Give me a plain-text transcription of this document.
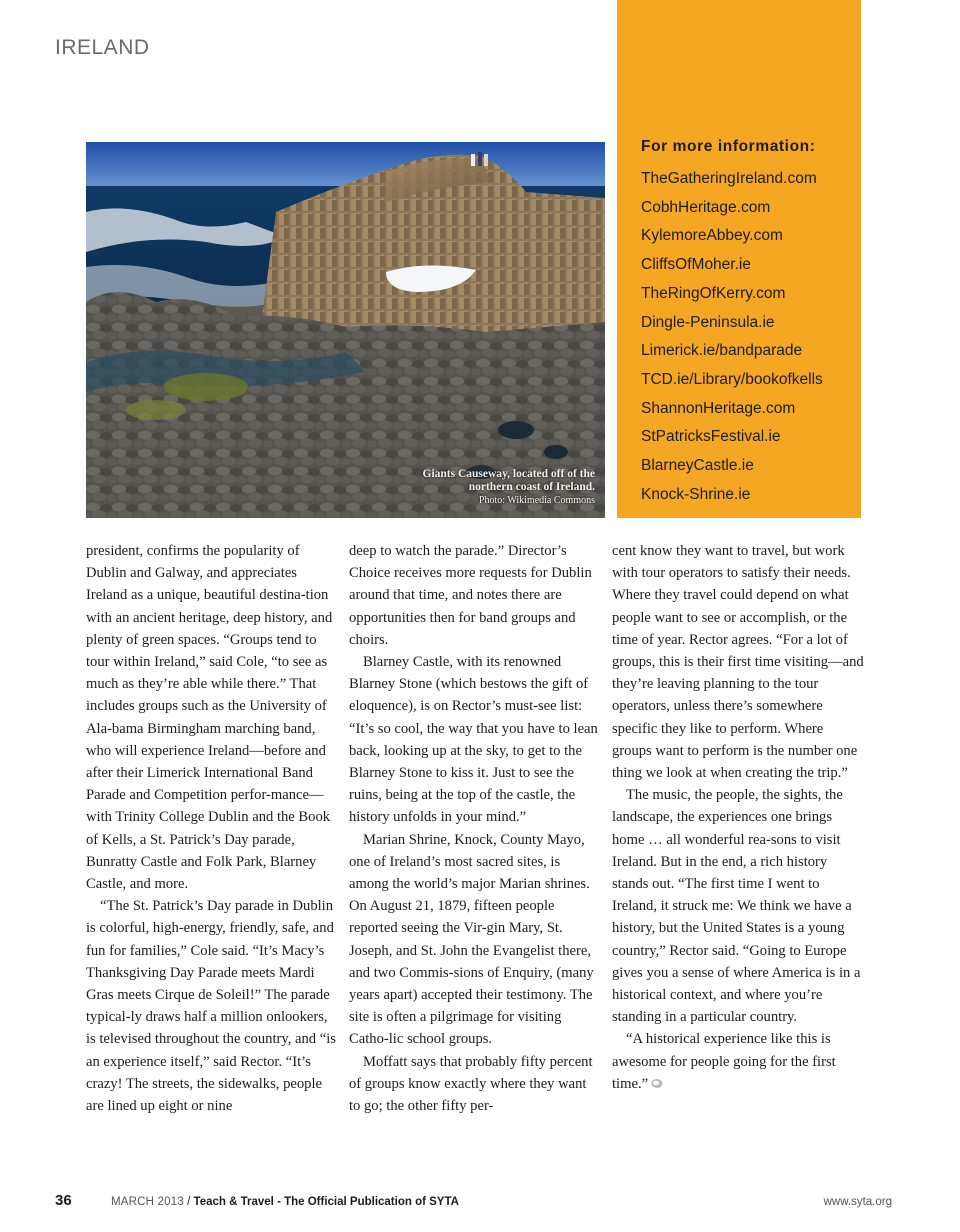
IRELAND
Giants Causeway, located off of the
northern coast of Ireland.
Photo: Wikimedia Commons
For more information:
TheGatheringIreland.com
CobhHeritage.com
KylemoreAbbey.com
CliffsOfMoher.ie
TheRingOfKerry.com
Dingle-Peninsula.ie
Limerick.ie/bandparade
TCD.ie/Library/bookofkells
ShannonHeritage.com
StPatricksFestival.ie
BlarneyCastle.ie
Knock-Shrine.ie

president, confirms the popularity of Dublin and Galway, and appreciates Ireland as a unique, beautiful destina-tion with an ancient heritage, deep history, and plenty of green spaces. “Groups tend to tour within Ireland,” said Cole, “to see as much as they’re able while there.” That includes groups such as the University of Ala-bama Birmingham marching band, who will experience Ireland—before and after their Limerick International Band Parade and Competition perfor-mance—with Trinity College Dublin and the Book of Kells, a St. Patrick’s Day parade, Bunratty Castle and Folk Park, Blarney Castle, and more.

“The St. Patrick’s Day parade in Dublin is colorful, high-energy, friendly, safe, and fun for families,” Cole said. “It’s Macy’s Thanksgiving Day Parade meets Mardi Gras meets Cirque de Soleil!” The parade typical-ly draws half a million onlookers, is televised throughout the country, and “is an experience itself,” said Rector. “It’s crazy! The streets, the sidewalks, people are lined up eight or nine

deep to watch the parade.” Director’s Choice receives more requests for Dublin around that time, and notes there are opportunities then for band groups and choirs.

Blarney Castle, with its renowned Blarney Stone (which bestows the gift of eloquence), is on Rector’s must-see list: “It’s so cool, the way that you have to lean back, looking up at the sky, to get to the Blarney Stone to kiss it. Just to see the ruins, being at the top of the castle, the history unfolds in your mind.”

Marian Shrine, Knock, County Mayo, one of Ireland’s most sacred sites, is among the world’s major Marian shrines. On August 21, 1879, fifteen people reported seeing the Vir-gin Mary, St. Joseph, and St. John the Evangelist there, and two Commis-sions of Enquiry, (many years apart) accepted their testimony. The site is often a pilgrimage for visiting Catho-lic school groups.

Moffatt says that probably fifty percent of groups know exactly where they want to go; the other fifty per-

cent know they want to travel, but work with tour operators to satisfy their needs. Where they travel could depend on what people want to see or accomplish, or the time of year. Rector agrees. “For a lot of groups, this is their first time visiting—and they’re leaving planning to the tour operators, unless there’s somewhere specific they like to perform. Where groups want to perform is the number one thing we look at when creating the trip.”

The music, the people, the sights, the landscape, the experiences one brings home … all wonderful rea-sons to visit Ireland. But in the end, a rich history stands out. “The first time I went to Ireland, it struck me: We think we have a history, but the United States is a young country,” Rector said. “Going to Europe gives you a sense of where America is in a historical context, and where you’re standing in a particular country.

“A historical experience like this is awesome for people going for the first time.”

36	MARCH 2013 / Teach & Travel - The Official Publication of SYTA	www.syta.org
